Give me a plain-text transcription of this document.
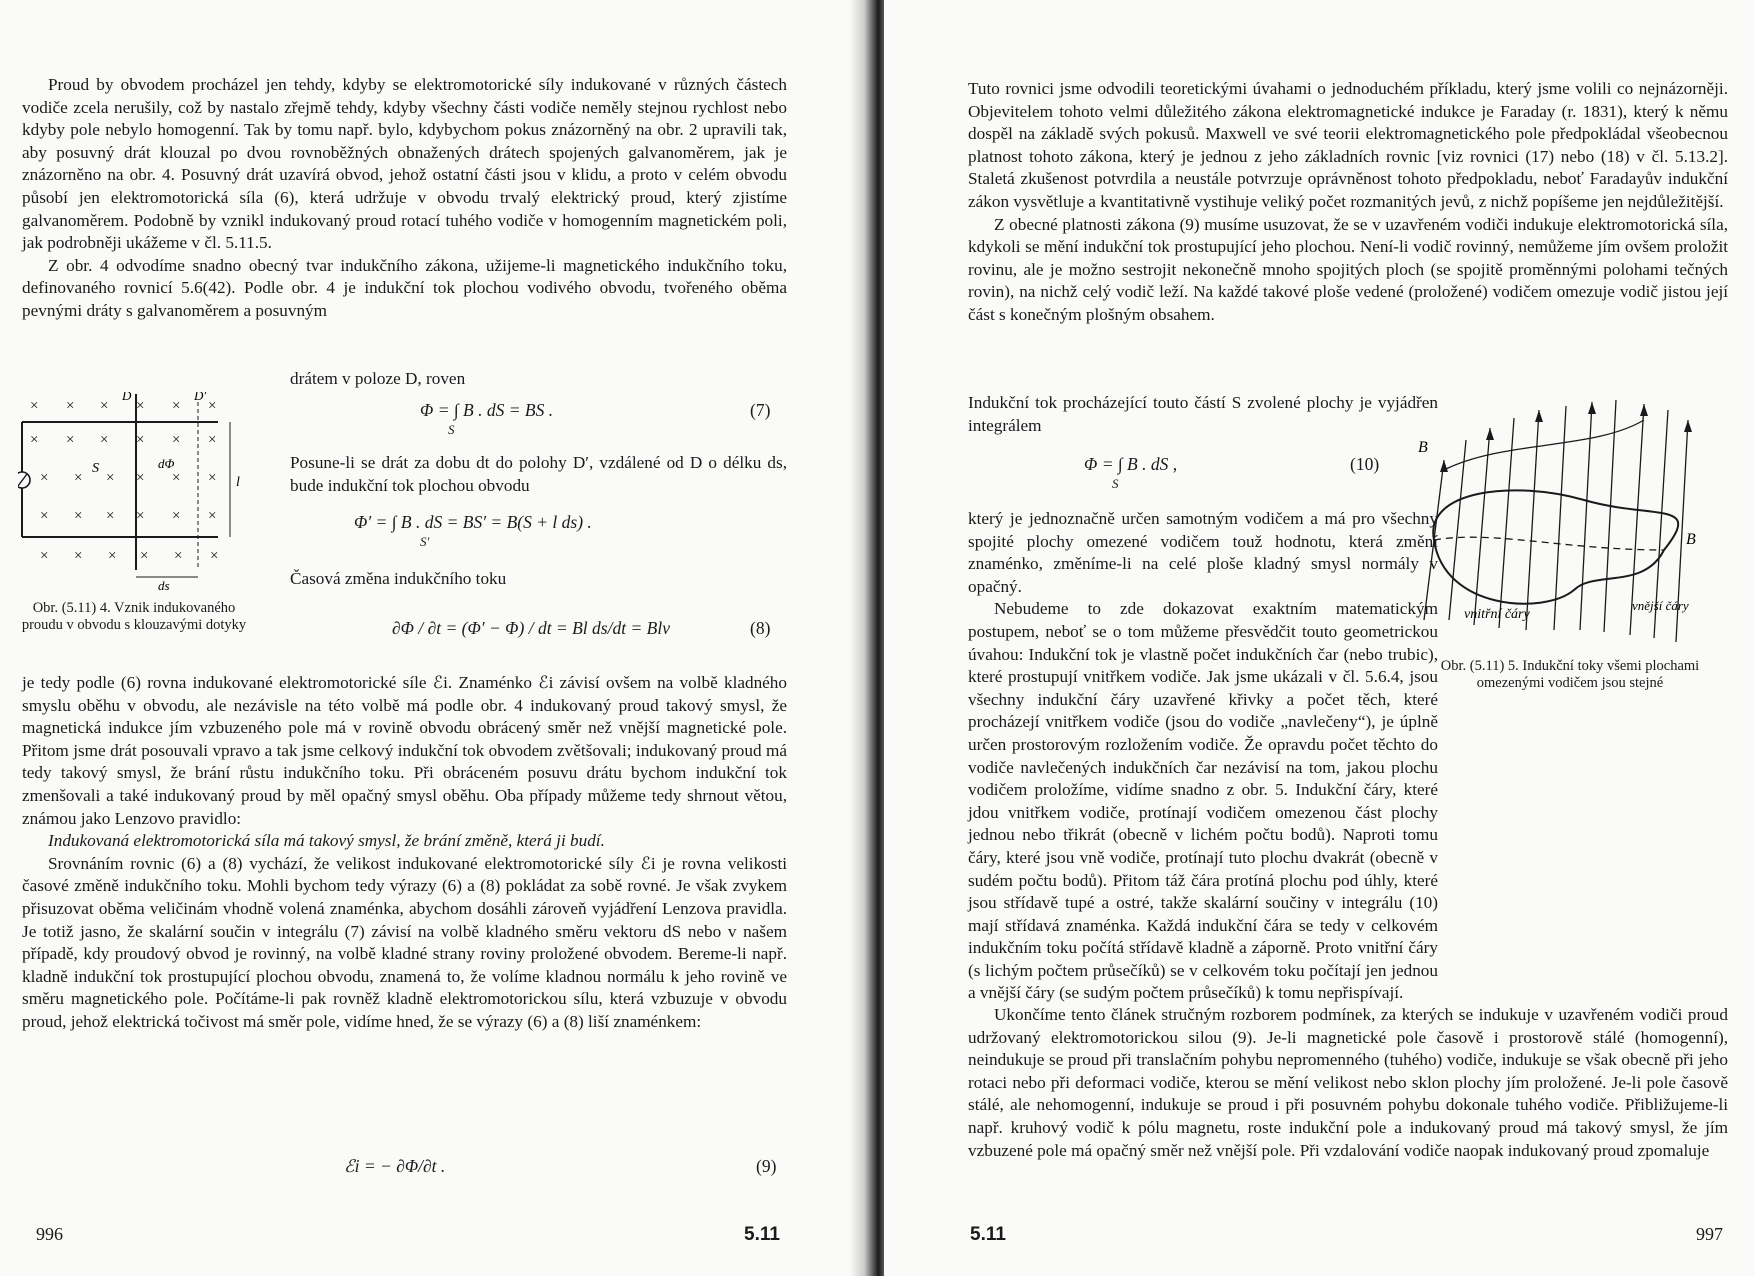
Proud by obvodem procházel jen tehdy, kdyby se elektromotorické síly indukované v různých částech vodiče zcela nerušily, což by nastalo zřejmě tehdy, kdyby všechny části vodiče neměly stejnou rychlost nebo kdyby pole nebylo homogenní. Tak by tomu např. bylo, kdybychom pokus znázorněný na obr. 2 upravili tak, aby posuvný drát klouzal po dvou rovnoběžných obnažených drátech spojených galvanoměrem, jak je znázorněno na obr. 4. Posuvný drát uzavírá obvod, jehož ostatní části jsou v klidu, a proto v celém obvodu působí jen elektromotorická síla (6), která udržuje v obvodu trvalý elektrický proud, který zjistíme galvanoměrem. Podobně by vznikl indukovaný proud rotací tuhého vodiče v homogenním magnetickém poli, jak podrobněji ukážeme v čl. 5.11.5.

Z obr. 4 odvodíme snadno obecný tvar indukčního zákona, užijeme-li magnetického indukčního toku, definovaného rovnicí 5.6(42). Podle obr. 4 je indukční tok plochou vodivého obvodu, tvořeného oběma pevnými dráty s galvanoměrem a posuvným

drátem v poloze D, roven
× × × × × ×
× × × × × ×
× × × × × ×
× × × × × ×
× × × × × ×
D	D′
S	dΦ
l
ds
Obr. (5.11) 4. Vznik indukovaného proudu v obvodu s klouzavými dotyky
Φ = ∫ B . dS = BS .
S
(7)
Posune-li se drát za dobu dt do polohy D′, vzdálené od D o délku ds, bude indukční tok plochou obvodu
Φ′ = ∫ B . dS = BS′ = B(S + l ds) .
S′
Časová změna indukčního toku
∂Φ / ∂t = (Φ′ − Φ) / dt = Bl ds/dt = Blv	(8)

je tedy podle (6) rovna indukované elektromotorické síle ℰi. Znaménko ℰi závisí ovšem na volbě kladného smyslu oběhu v obvodu, ale nezávisle na této volbě má podle obr. 4 indukovaný proud takový smysl, že magnetická indukce jím vzbuzeného pole má v rovině obvodu obrácený směr než vnější magnetické pole. Přitom jsme drát posouvali vpravo a tak jsme celkový indukční tok obvodem zvětšovali; indukovaný proud má tedy takový smysl, že brání růstu indukčního toku. Při obráceném posuvu drátu bychom indukční tok zmenšovali a také indukovaný proud by měl opačný smysl oběhu. Oba případy můžeme tedy shrnout větou, známou jako Lenzovo pravidlo:

Indukovaná elektromotorická síla má takový smysl, že brání změně, která ji budí.

Srovnáním rovnic (6) a (8) vychází, že velikost indukované elektromotorické síly ℰi je rovna velikosti časové změně indukčního toku. Mohli bychom tedy výrazy (6) a (8) pokládat za sobě rovné. Je však zvykem přisuzovat oběma veličinám vhodně volená znaménka, abychom dosáhli zároveň vyjádření Lenzova pravidla. Je totiž jasno, že skalární součin v integrálu (7) závisí na volbě kladného směru vektoru dS nebo v našem případě, kdy proudový obvod je rovinný, na volbě kladné strany roviny proložené obvodem. Bereme-li např. kladně indukční tok prostupující plochou obvodu, znamená to, že volíme kladnou normálu k jeho rovině ve směru magnetického pole. Počítáme-li pak rovněž kladně elektromotorickou sílu, která vzbuzuje v obvodu proud, jehož elektrická točivost má směr pole, vidíme hned, že se výrazy (6) a (8) liší znaménkem:

ℰi = − ∂Φ/∂t .	(9)
996	5.11

Tuto rovnici jsme odvodili teoretickými úvahami o jednoduchém příkladu, který jsme volili co nejnázorněji. Objevitelem tohoto velmi důležitého zákona elektromagnetické indukce je Faraday (r. 1831), který k němu dospěl na základě svých pokusů. Maxwell ve své teorii elektromagnetického pole předpokládal všeobecnou platnost tohoto zákona, který je jednou z jeho základních rovnic [viz rovnici (17) nebo (18) v čl. 5.13.2]. Staletá zkušenost potvrdila a neustále potvrzuje oprávněnost tohoto předpokladu, neboť Faradayův indukční zákon vysvětluje a kvantitativně vystihuje veliký počet rozmanitých jevů, z nichž popíšeme jen nejdůležitější.

Z obecné platnosti zákona (9) musíme usuzovat, že se v uzavřeném vodiči indukuje elektromotorická síla, kdykoli se mění indukční tok prostupující jeho plochou. Není-li vodič rovinný, nemůžeme jím ovšem proložit rovinu, ale je možno sestrojit nekonečně mnoho spojitých ploch (se spojitě proměnnými polohami tečných rovin), na nichž celý vodič leží. Na každé takové ploše vedené (proložené) vodičem omezuje vodič jistou její část s konečným plošným obsahem.

Indukční tok procházející touto částí S zvolené plochy je vyjádřen integrálem
Φ = ∫ B . dS ,
S
(10)

který je jednoznačně určen samotným vodičem a má pro všechny spojité plochy omezené vodičem touž hodnotu, která změní znaménko, změníme-li na celé ploše kladný smysl normály v opačný.

Nebudeme to zde dokazovat exaktním matematickým postupem, neboť se o tom můžeme přesvědčit touto geometrickou úvahou: Indukční tok je vlastně počet indukčních čar (nebo trubic), které prostupují vnitřkem vodiče. Jak jsme ukázali v čl. 5.6.4, jsou všechny indukční čáry uzavřené křivky a počet těch, které procházejí vnitřkem vodiče (jsou do vodiče „navlečeny“), je úplně určen prostorovým rozložením vodiče. Že opravdu počet těchto do vodiče navlečených indukčních čar nezávisí na tom, jakou plochu vodičem proložíme, vidíme snadno z obr. 5. Indukční čáry, které jdou vnitřkem vodiče, protínají vodičem omezenou část plochy jednou nebo třikrát (obecně v lichém počtu bodů). Naproti tomu čáry, které jsou vně vodiče, protínají tuto plochu dvakrát (obecně v sudém počtu bodů). Přitom táž čára protíná plochu pod úhly, které jsou střídavě tupé a ostré, takže skalární součiny v integrálu (10) mají střídavá znaménka. Každá indukční čára se tedy v celkovém indukčním toku počítá střídavě kladně a záporně. Proto vnitřní čáry (s lichým počtem průsečíků) se v celkovém toku počítají jen jednou a vnější čáry (se sudým počtem průsečíků) k tomu nepřispívají.

B
B
vnitřní čáry
vnější čáry
Obr. (5.11) 5. Indukční toky všemi plochami omezenými vodičem jsou stejné

Ukončíme tento článek stručným rozborem podmínek, za kterých se indukuje v uzavřeném vodiči proud udržovaný elektromotorickou silou (9). Je-li magnetické pole časově i prostorově stálé (homogenní), neindukuje se proud při translačním pohybu nepromenného (tuhého) vodiče, indukuje se však obecně při jeho rotaci nebo při deformaci vodiče, kterou se mění velikost nebo sklon plochy jím proložené. Je-li pole časově stálé, ale nehomogenní, indukuje se proud i při posuvném pohybu dokonale tuhého vodiče. Přibližujeme-li např. kruhový vodič k pólu magnetu, roste indukční pole a indukovaný proud má takový smysl, že jím vzbuzené pole má opačný směr než vnější pole. Při vzdalování vodiče naopak indukovaný proud zpomaluje

5.11	997
